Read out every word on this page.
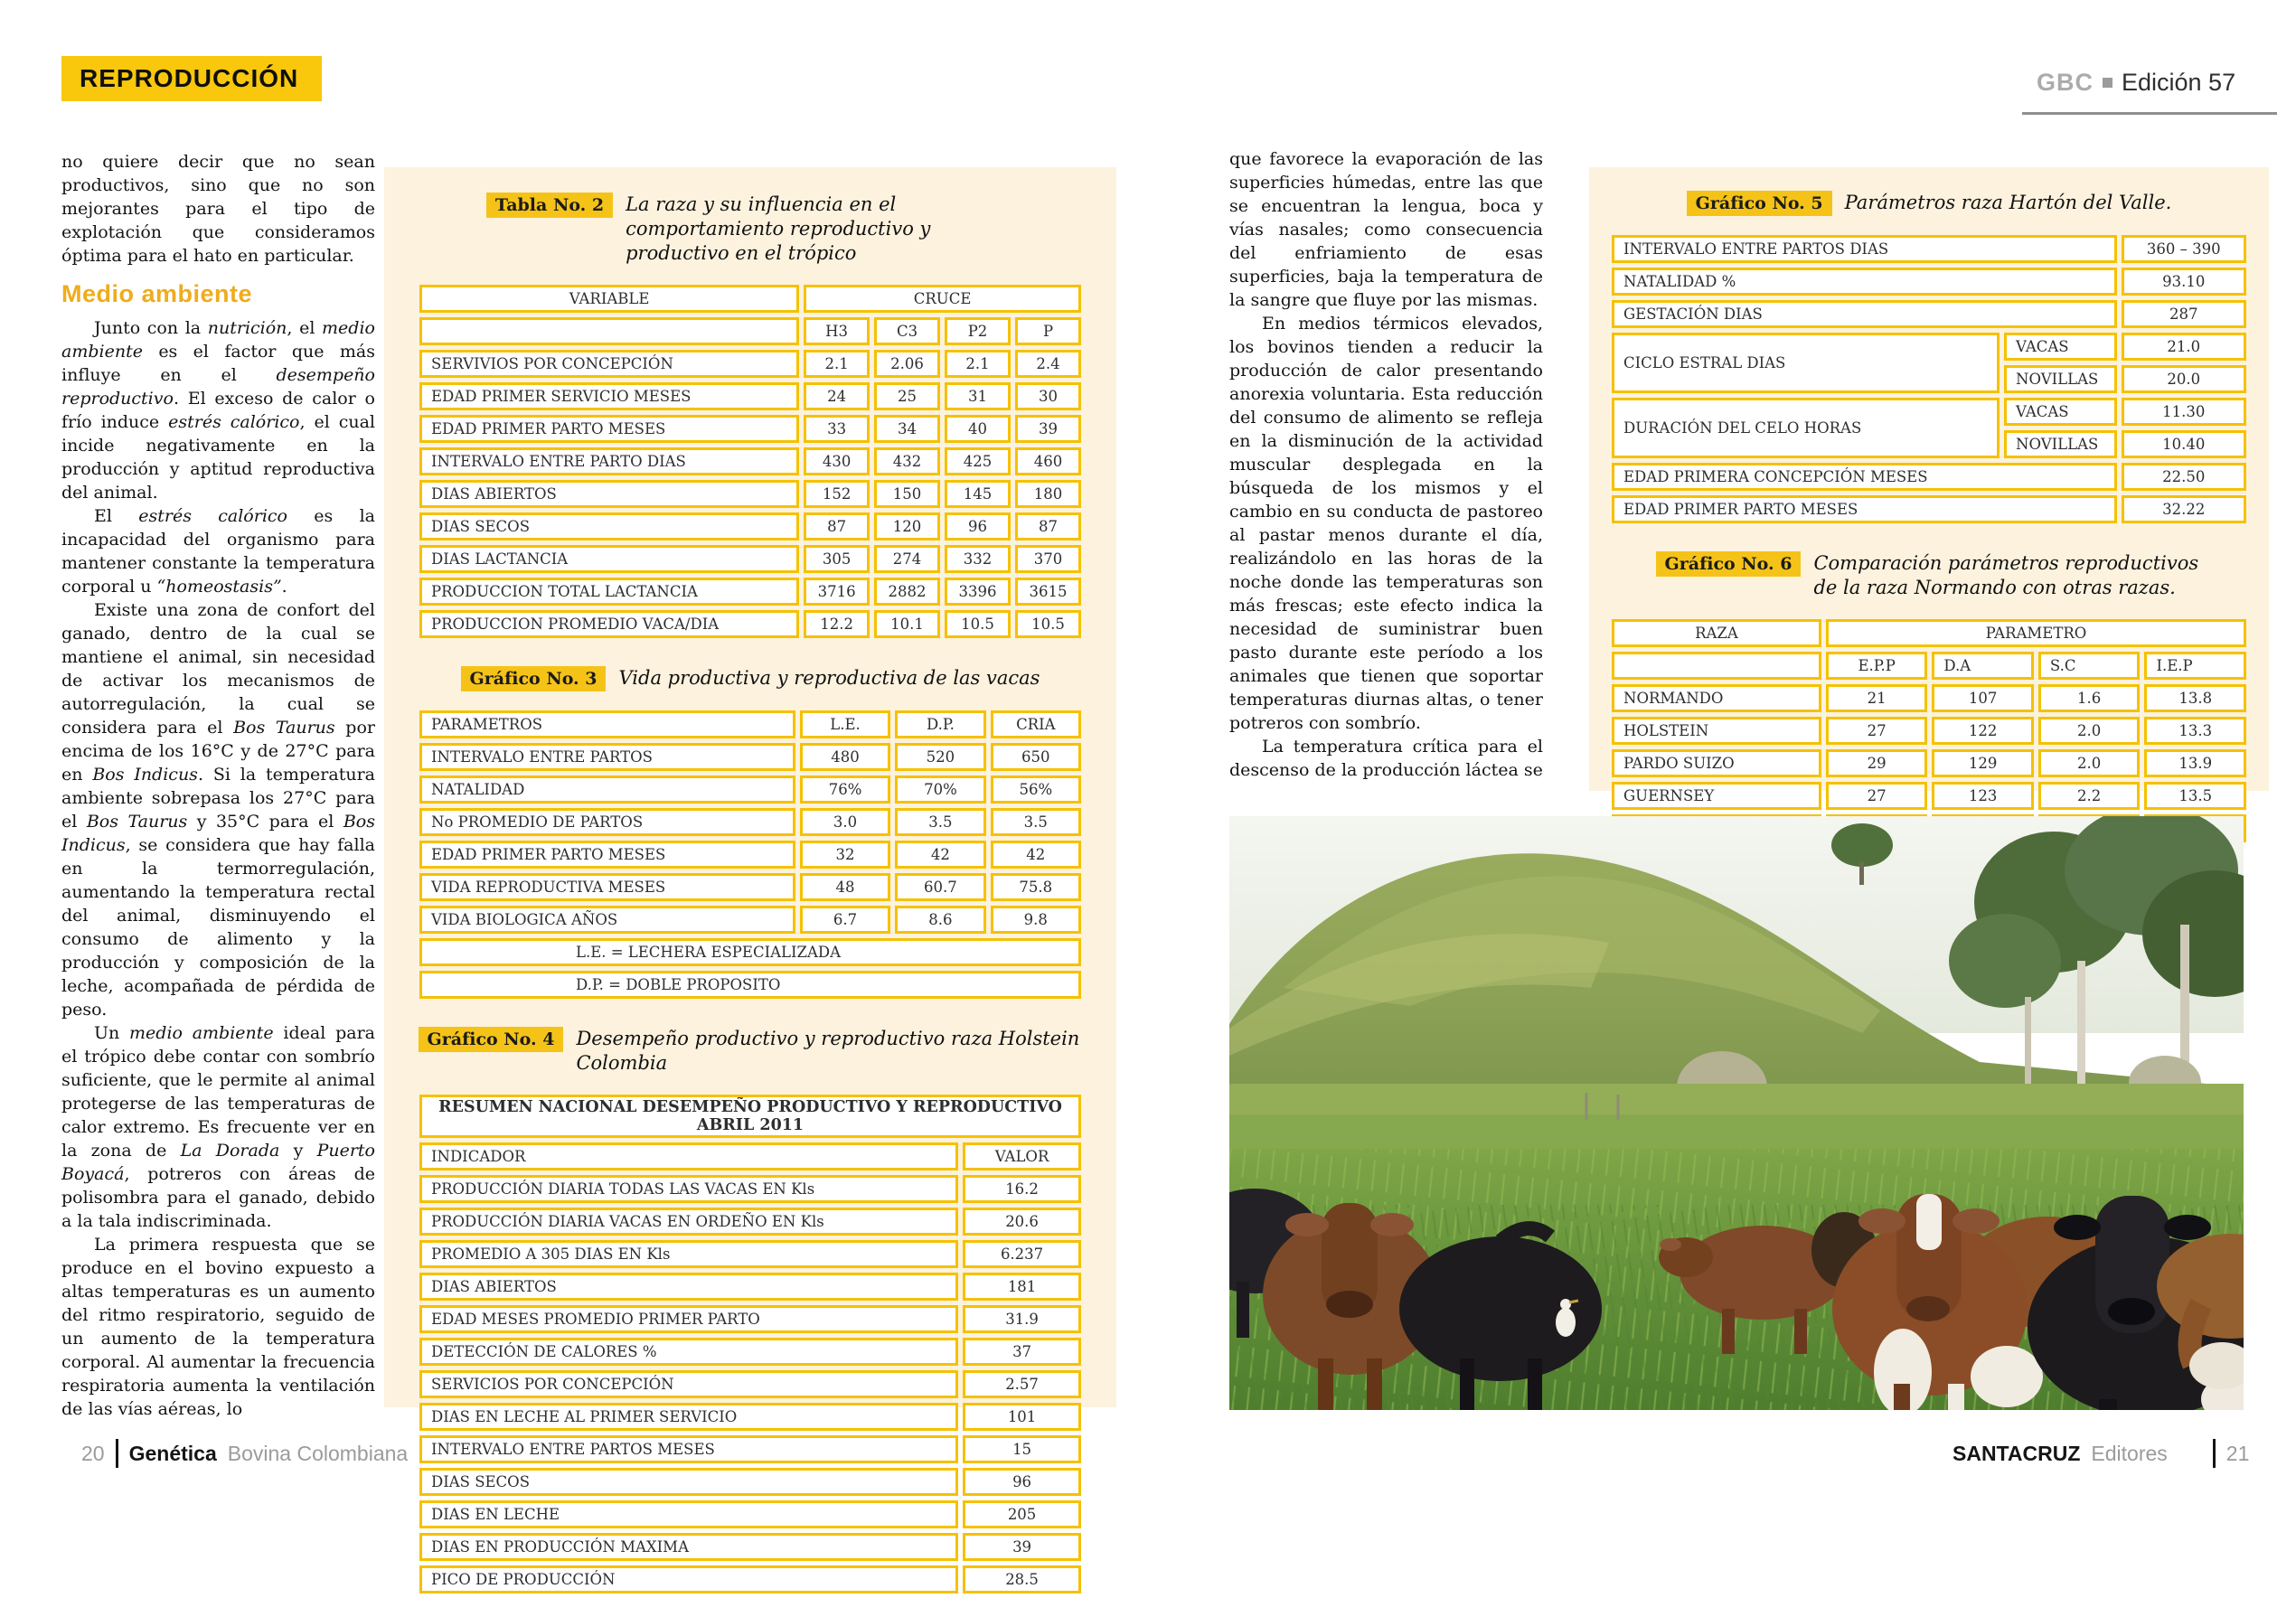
REPRODUCCIÓN	GBC Edición 57

no quiere decir que no sean productivos, sino que no son mejorantes para el tipo de explotación que consideramos óptima para el hato en particular.

Medio ambiente

Junto con la nutrición, el medio ambiente es el factor que más influye en el desempeño reproductivo. El exceso de calor o frío induce estrés calórico, el cual incide negativamente en la producción y aptitud reproductiva del animal.

El estrés calórico es la incapacidad del organismo para mantener constante la temperatura corporal u “homeostasis”.

Existe una zona de confort del ganado, dentro de la cual se mantiene el animal, sin necesidad de activar los mecanismos de autorregulación, la cual se considera para el Bos Taurus por encima de los 16°C y de 27°C para en Bos Indicus. Si la temperatura ambiente sobrepasa los 27°C para el Bos Taurus y 35°C para el Bos Indicus, se considera que hay falla en la termorregulación, aumentando la temperatura rectal del animal, disminuyendo el consumo de alimento y la producción y composición de la leche, acompañada de pérdida de peso.

Un medio ambiente ideal para el trópico debe contar con sombrío suficiente, que le permite al animal protegerse de las temperaturas de calor extremo. Es frecuente ver en la zona de La Dorada y Puerto Boyacá, potreros con áreas de polisombra para el ganado, debido a la tala indiscriminada.

La primera respuesta que se produce en el bovino expuesto a altas temperaturas es un aumento del ritmo respiratorio, seguido de un aumento de la temperatura corporal. Al aumentar la frecuencia respiratoria aumenta la ventilación de las vías aéreas, lo

Tabla No. 2	La raza y su influencia en el comportamiento reproductivo y productivo en el trópico
VARIABLE	CRUCE			
	H3	C3	P2	P
SERVIVIOS POR CONCEPCIÓN	2.1	2.06	2.1	2.4
EDAD PRIMER SERVICIO MESES	24	25	31	30
EDAD PRIMER PARTO MESES	33	34	40	39
INTERVALO ENTRE PARTO DIAS	430	432	425	460
DIAS ABIERTOS	152	150	145	180
DIAS SECOS	87	120	96	87
DIAS LACTANCIA	305	274	332	370
PRODUCCION TOTAL LACTANCIA	3716	2882	3396	3615
PRODUCCION PROMEDIO VACA/DIA	12.2	10.1	10.5	10.5
Gráfico No. 3	Vida productiva y reproductiva de las vacas
PARAMETROS	L.E.	D.P.	CRIA
INTERVALO ENTRE PARTOS	480	520	650
NATALIDAD	76%	70%	56%
No PROMEDIO DE PARTOS	3.0	3.5	3.5
EDAD PRIMER PARTO MESES	32	42	42
VIDA REPRODUCTIVA MESES	48	60.7	75.8
VIDA BIOLOGICA AÑOS	6.7	8.6	9.8
L.E. = LECHERA ESPECIALIZADA			
D.P. = DOBLE PROPOSITO			
Gráfico No. 4	Desempeño productivo y reproductivo raza Holstein Colombia
RESUMEN NACIONAL DESEMPEÑO PRODUCTIVO Y REPRODUCTIVO ABRIL 2011	
INDICADOR	VALOR
PRODUCCIÓN DIARIA TODAS LAS VACAS EN Kls	16.2
PRODUCCIÓN DIARIA VACAS EN ORDEÑO EN Kls	20.6
PROMEDIO A 305 DIAS EN Kls	6.237
DIAS ABIERTOS	181
EDAD MESES PROMEDIO PRIMER PARTO	31.9
DETECCIÓN DE CALORES %	37
SERVICIOS POR CONCEPCIÓN	2.57
DIAS EN LECHE AL PRIMER SERVICIO	101
INTERVALO ENTRE PARTOS MESES	15
DIAS SECOS	96
DIAS EN LECHE	205
DIAS EN PRODUCCIÓN MAXIMA	39
PICO DE PRODUCCIÓN	28.5

que favorece la evaporación de las superficies húmedas, entre las que se encuentran la lengua, boca y vías nasales; como consecuencia del enfriamiento de esas superficies, baja la temperatura de la sangre que fluye por las mismas.

En medios térmicos elevados, los bovinos tienden a reducir la producción de calor presentando anorexia voluntaria. Esta reducción del consumo de alimento se refleja en la disminución de la actividad muscular desplegada en la búsqueda de los mismos y el cambio en su conducta de pastoreo al pastar menos durante el día, realizándolo en las horas de la noche donde las temperaturas son más frescas; este efecto indica la necesidad de suministrar buen pasto durante este período a los animales que tienen que soportar temperaturas diurnas altas, o tener potreros con sombrío.

La temperatura crítica para el descenso de la producción láctea se

Gráfico No. 5	Parámetros raza Hartón del Valle.
INTERVALO ENTRE PARTOS DIAS		360 – 390
NATALIDAD %		93.10
GESTACIÓN DIAS		287
CICLO ESTRAL DIAS	VACAS	21.0
	NOVILLAS	20.0
DURACIÓN DEL CELO HORAS	VACAS	11.30
	NOVILLAS	10.40
EDAD PRIMERA CONCEPCIÓN MESES		22.50
EDAD PRIMER PARTO MESES		32.22
Gráfico No. 6	Comparación parámetros reproductivos de la raza Normando con otras razas.
RAZA	PARAMETRO			
	E.P.P	D.A	S.C	I.E.P
NORMANDO	21	107	1.6	13.8
HOLSTEIN	27	122	2.0	13.3
PARDO SUIZO	29	129	2.0	13.9
GUERNSEY	27	123	2.2	13.5

20 Genética Bovina Colombiana	SANTACRUZ Editores	21
